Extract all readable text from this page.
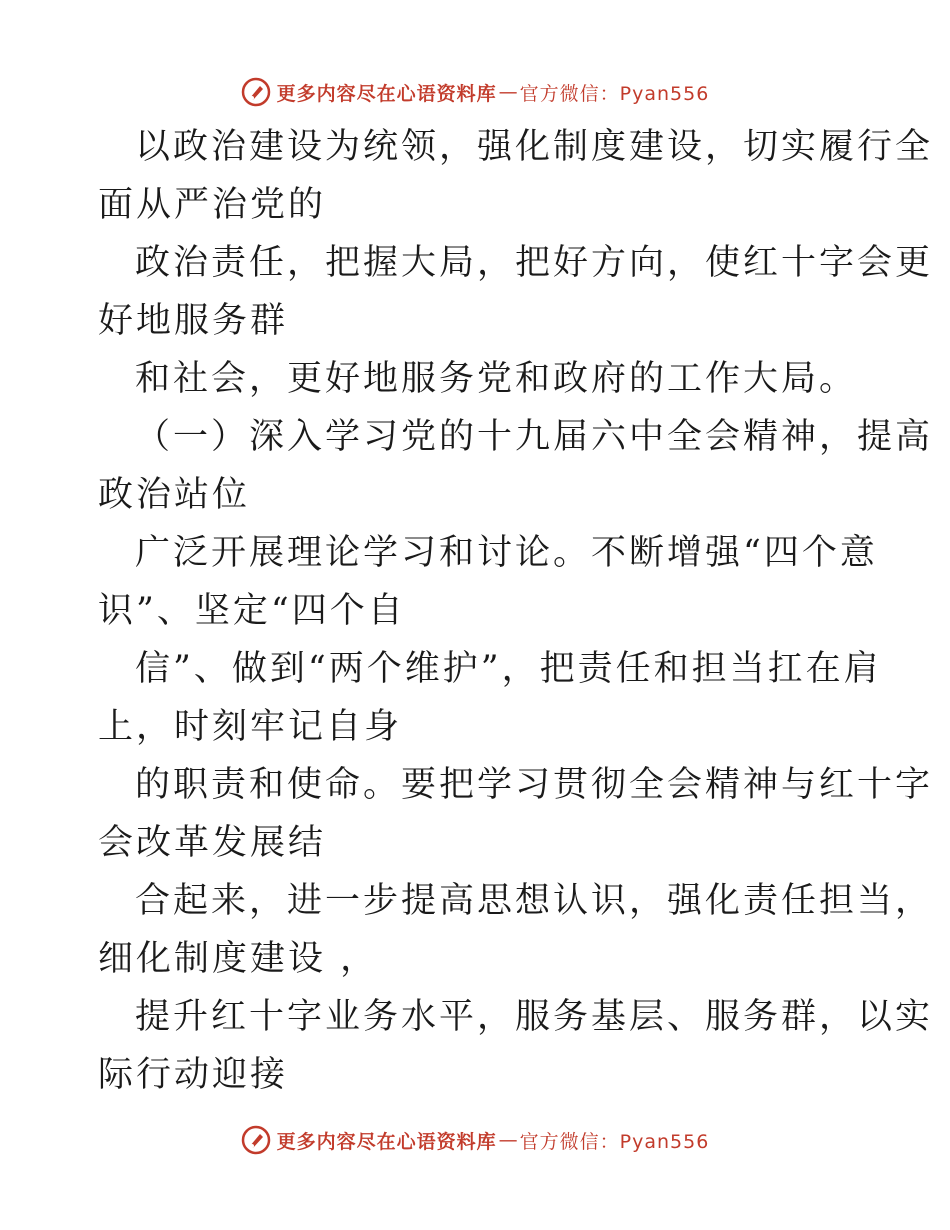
更多内容尽在心语资料库 — 官方微信：Pyan556

以政治建设为统领，强化制度建设，切实履行全

面从严治党的

政治责任，把握大局，把好方向，使红十字会更

好地服务群

和社会，更好地服务党和政府的工作大局。

（一）深入学习党的十九届六中全会精神，提高

政治站位

广泛开展理论学习和讨论。不断增强“四个意

识”、坚定“四个自

信”、做到“两个维护”，把责任和担当扛在肩

上，时刻牢记自身

的职责和使命。要把学习贯彻全会精神与红十字

会改革发展结

合起来，进一步提高思想认识，强化责任担当，

细化制度建设 ，

提升红十字业务水平，服务基层、服务群，以实

际行动迎接

更多内容尽在心语资料库 — 官方微信：Pyan556
